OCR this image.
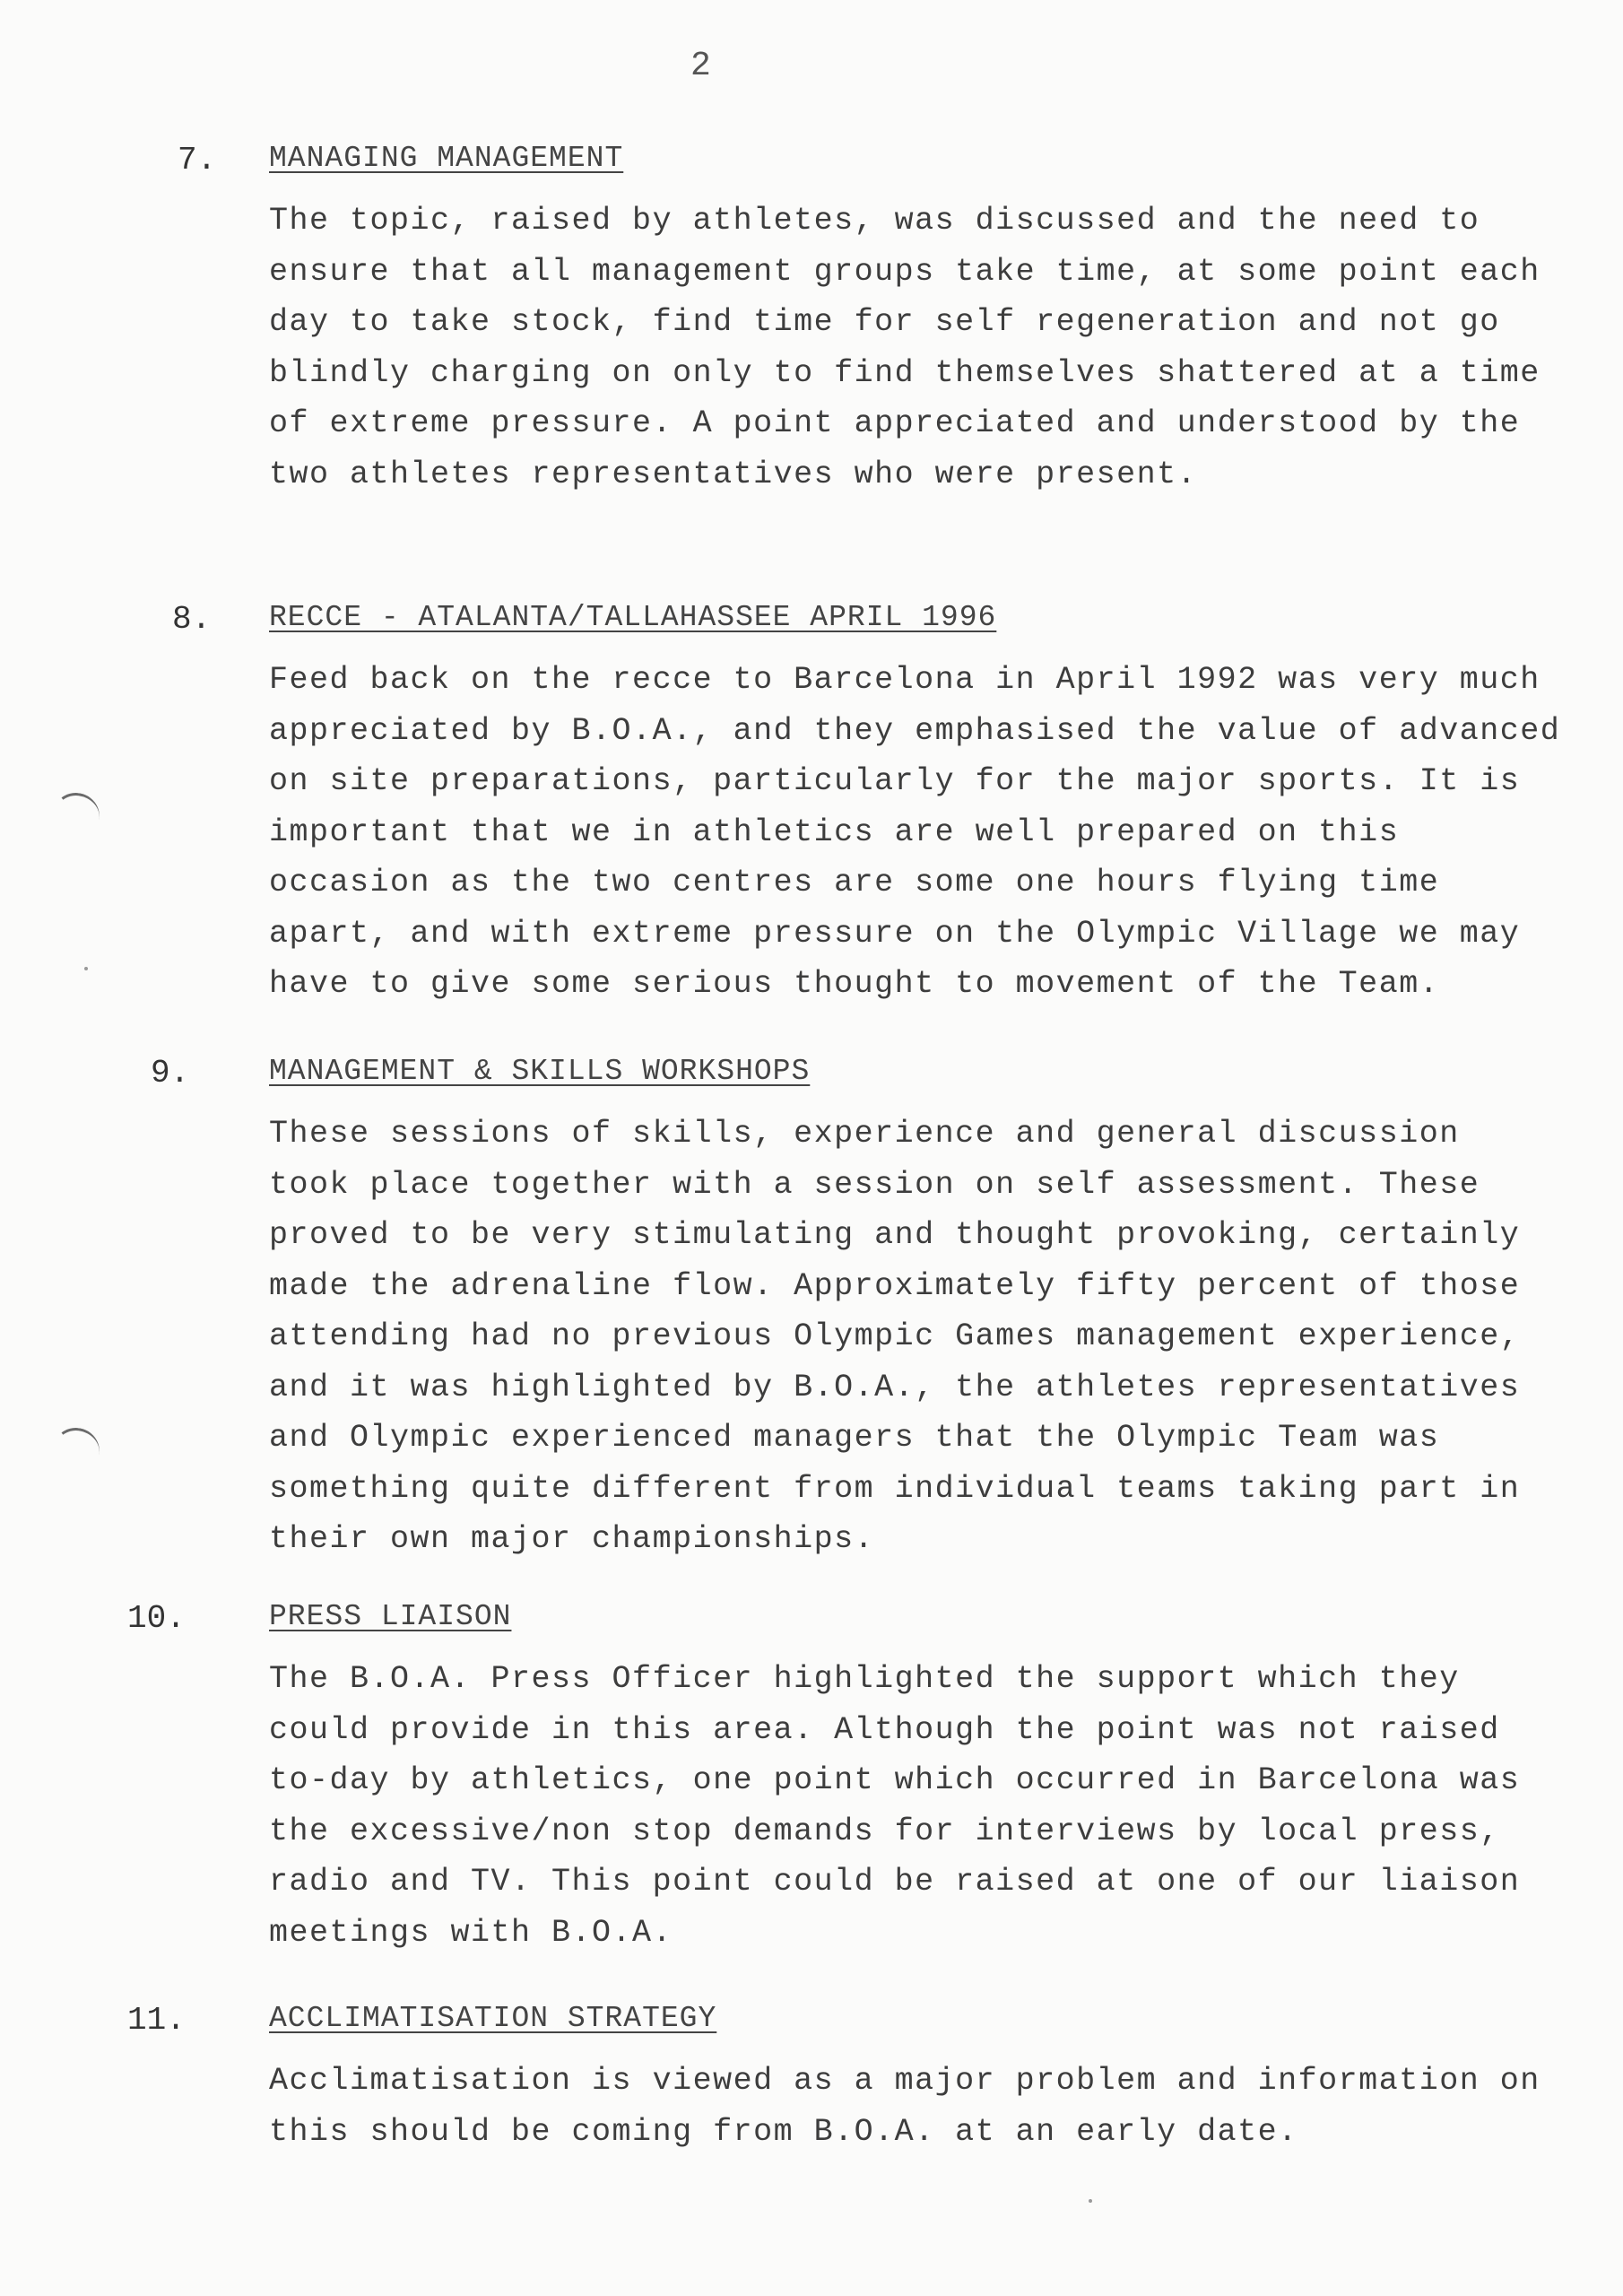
2
7. MANAGING MANAGEMENT

The topic, raised by athletes, was discussed and the need to ensure that all management groups take time, at some point each day to take stock, find time for self regeneration and not go blindly charging on only to find themselves shattered at a time of extreme pressure. A point appreciated and understood by the two athletes representatives who were present.

8. RECCE - ATALANTA/TALLAHASSEE APRIL 1996

Feed back on the recce to Barcelona in April 1992 was very much appreciated by B.O.A., and they emphasised the value of advanced on site preparations, particularly for the major sports. It is important that we in athletics are well prepared on this occasion as the two centres are some one hours flying time apart, and with extreme pressure on the Olympic Village we may have to give some serious thought to movement of the Team.

9.	MANAGEMENT & SKILLS WORKSHOPS

These sessions of skills, experience and general discussion took place together with a session on self assessment. These proved to be very stimulating and thought provoking, certainly made the adrenaline flow. Approximately fifty percent of those attending had no previous Olympic Games management experience, and it was highlighted by B.O.A., the athletes representatives and Olympic experienced managers that the Olympic Team was something quite different from individual teams taking part in their own major championships.

10.	PRESS LIAISON

The B.O.A. Press Officer highlighted the support which they could provide in this area. Although the point was not raised to-day by athletics, one point which occurred in Barcelona was the excessive/non stop demands for interviews by local press, radio and TV. This point could be raised at one of our liaison meetings with B.O.A.

11.	ACCLIMATISATION STRATEGY

Acclimatisation is viewed as a major problem and information on this should be coming from B.O.A. at an early date.
